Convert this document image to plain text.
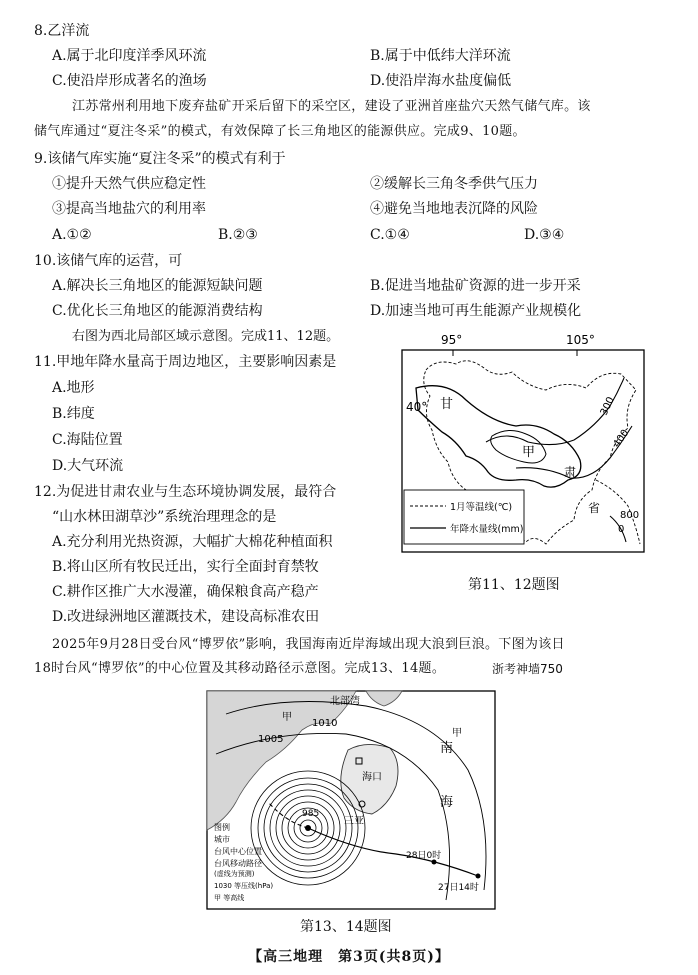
8.乙洋流
A.属于北印度洋季风环流	B.属于中低纬大洋环流
C.使沿岸形成著名的渔场	D.使沿岸海水盐度偏低
江苏常州利用地下废弃盐矿开采后留下的采空区，建设了亚洲首座盐穴天然气储气库。该
储气库通过“夏注冬采”的模式，有效保障了长三角地区的能源供应。完成9、10题。
9.该储气库实施“夏注冬采”的模式有利于
①提升天然气供应稳定性	②缓解长三角冬季供气压力
③提高当地盐穴的利用率	④避免当地地表沉降的风险
A.①②	B.②③	C.①④	D.③④
10.该储气库的运营，可
A.解决长三角地区的能源短缺问题	B.促进当地盐矿资源的进一步开采
C.优化长三角地区的能源消费结构	D.加速当地可再生能源产业规模化
右图为西北局部区域示意图。完成11、12题。
11.甲地年降水量高于周边地区，主要影响因素是
A.地形
B.纬度
C.海陆位置
D.大气环流
12.为促进甘肃农业与生态环境协调发展，最符合
“山水林田湖草沙”系统治理理念的是
A.充分利用光热资源，大幅扩大棉花种植面积
B.将山区所有牧民迁出，实行全面封育禁牧
C.耕作区推广大水漫灌，确保粮食高产稳产
D.改进绿洲地区灌溉技术，建设高标准农田
95°	105°
40° 甘
甲
肃
省
300
400
800
0
1月等温线(℃)
年降水量线(mm)
第11、12题图
2025年9月28日受台风“博罗依”影响，我国海南近岸海域出现大浪到巨浪。下图为该日
18时台风“博罗依”的中心位置及其移动路径示意图。完成13、14题。	浙考神墙750
北部湾
1010
1005
985
海口
三亚
南
海
甲
甲
28日0时
27日14时
图例
城市
台风中心位置
台风移动路径
(虚线为预测)
1030 等压线(hPa)
甲 等高线
第13、14题图
【高三地理　第3页(共8页)】
